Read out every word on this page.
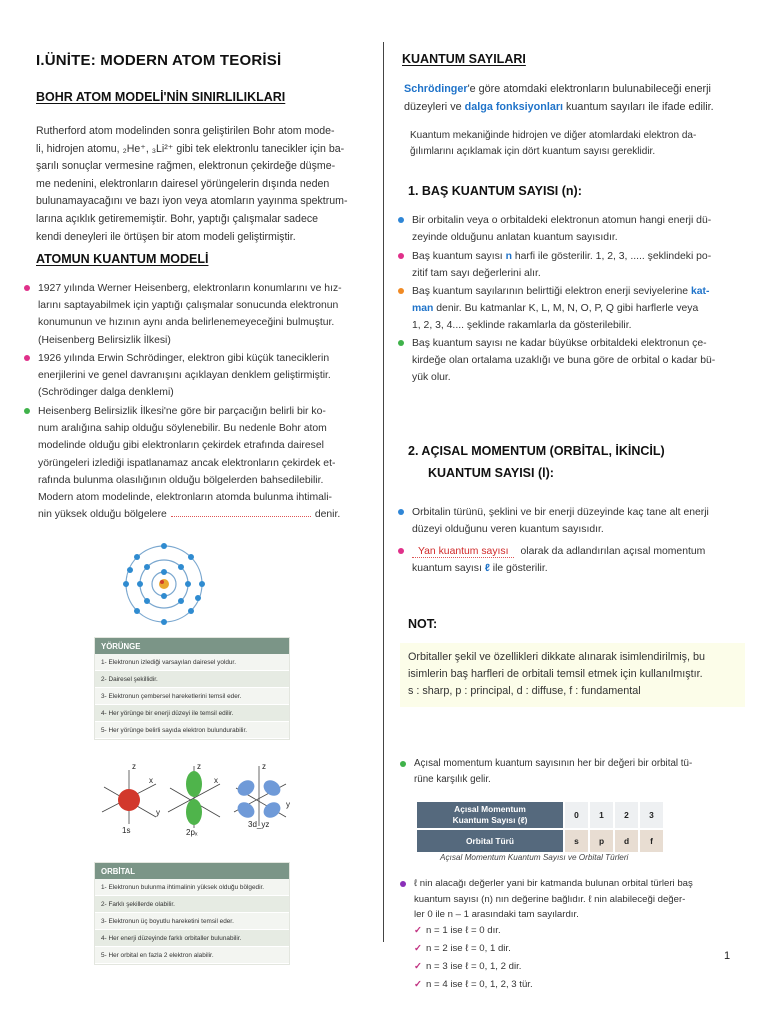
I.ÜNİTE: MODERN ATOM TEORİSİ
BOHR ATOM MODELİ'NİN SINIRLILIKLARI
Rutherford atom modelinden sonra geliştirilen Bohr atom mode-
li, hidrojen atomu, ₂He⁺, ₃Li²⁺ gibi tek elektronlu tanecikler için ba-
şarılı sonuçlar vermesine rağmen, elektronun çekirdeğe düşme-
me nedenini, elektronların dairesel yörüngelerin dışında neden
bulunamayacağını ve bazı iyon veya atomların yayınma spektrum-
larına açıklık getirememiştir. Bohr, yaptığı çalışmalar sadece
kendi deneyleri ile örtüşen bir atom modeli geliştirmiştir.
ATOMUN KUANTUM MODELİ
1927 yılında Werner Heisenberg, elektronların konumlarını ve hız-
larını saptayabilmek için yaptığı çalışmalar sonucunda elektronun
konumunun ve hızının aynı anda belirlenemeyeceğini bulmuştur.
(Heisenberg Belirsizlik İlkesi)
1926 yılında Erwin Schrödinger, elektron gibi küçük taneciklerin
enerjilerini ve genel davranışını açıklayan denklem geliştirmiştir.
(Schrödinger dalga denklemi)
Heisenberg Belirsizlik İlkesi'ne göre bir parçacığın belirli bir ko-
num aralığına sahip olduğu söylenebilir. Bu nedenle Bohr atom
modelinde olduğu gibi elektronların çekirdek etrafında dairesel
yörüngeleri izlediği ispatlanamaz ancak elektronların çekirdek et-
rafında bulunma olasılığının olduğu bölgelerden bahsedilebilir.
Modern atom modelinde, elektronların atomda bulunma ihtimali-
nin yüksek olduğu bölgelere	denir.
YÖRÜNGE
1- Elektronun izlediği varsayılan dairesel yoldur.
2- Dairesel şekillidir.
3- Elektronun çembersel hareketlerini temsil eder.
4- Her yörünge bir enerji düzeyi ile temsil edilir.
5- Her yörünge belirli sayıda elektron bulundurabilir.
z	z	z
x	x
y
y
1s	2pₓ
3d_yz
ORBİTAL
1- Elektronun bulunma ihtimalinin yüksek olduğu bölgedir.
2- Farklı şekillerde olabilir.
3- Elektronun üç boyutlu hareketini temsil eder.
4- Her enerji düzeyinde farklı orbitaller bulunabilir.
5- Her orbital en fazla 2 elektron alabilir.
KUANTUM SAYILARI
Schrödinger'e göre atomdaki elektronların bulunabileceği enerji
düzeyleri ve dalga fonksiyonları kuantum sayıları ile ifade edilir.
Kuantum mekaniğinde hidrojen ve diğer atomlardaki elektron da-
ğılımlarını açıklamak için dört kuantum sayısı gereklidir.
1. BAŞ KUANTUM SAYISI (n):
Bir orbitalin veya o orbitaldeki elektronun atomun hangi enerji dü-
zeyinde olduğunu anlatan kuantum sayısıdır.
Baş kuantum sayısı n harfi ile gösterilir. 1, 2, 3, ..... şeklindeki po-
zitif tam sayı değerlerini alır.
Baş kuantum sayılarının belirttiği elektron enerji seviyelerine kat-
man denir. Bu katmanlar K, L, M, N, O, P, Q gibi harflerle veya
1, 2, 3, 4.... şeklinde rakamlarla da gösterilebilir.
Baş kuantum sayısı ne kadar büyükse orbitaldeki elektronun çe-
kirdeğe olan ortalama uzaklığı ve buna göre de orbital o kadar bü-
yük olur.
2. AÇISAL MOMENTUM (ORBİTAL, İKİNCİL)
KUANTUM SAYISI (l):
Orbitalin türünü, şeklini ve bir enerji düzeyinde kaç tane alt enerji
düzeyi olduğunu veren kuantum sayısıdır.
Yan kuantum sayısı olarak da adlandırılan açısal momentum
kuantum sayısı ℓ ile gösterilir.
NOT:
Orbitaller şekil ve özellikleri dikkate alınarak isimlendirilmiş, bu
isimlerin baş harfleri de orbitali temsil etmek için kullanılmıştır.
s : sharp, p : principal, d : diffuse, f : fundamental
Açısal momentum kuantum sayısının her bir değeri bir orbital tü-
rüne karşılık gelir.
Açısal Momentum
Kuantum Sayısı (ℓ)	0	1	2	3
Orbital Türü	s	p	d	f
Açısal Momentum Kuantum Sayısı ve Orbital Türleri
ℓ nin alacağı değerler yani bir katmanda bulunan orbital türleri baş
kuantum sayısı (n) nın değerine bağlıdır. ℓ nin alabileceği değer-
ler 0 ile n – 1 arasındaki tam sayılardır.
✓ n = 1 ise ℓ = 0 dır.
✓ n = 2 ise ℓ = 0, 1 dir.
✓ n = 3 ise ℓ = 0, 1, 2 dir.
✓ n = 4 ise ℓ = 0, 1, 2, 3 tür.
1
